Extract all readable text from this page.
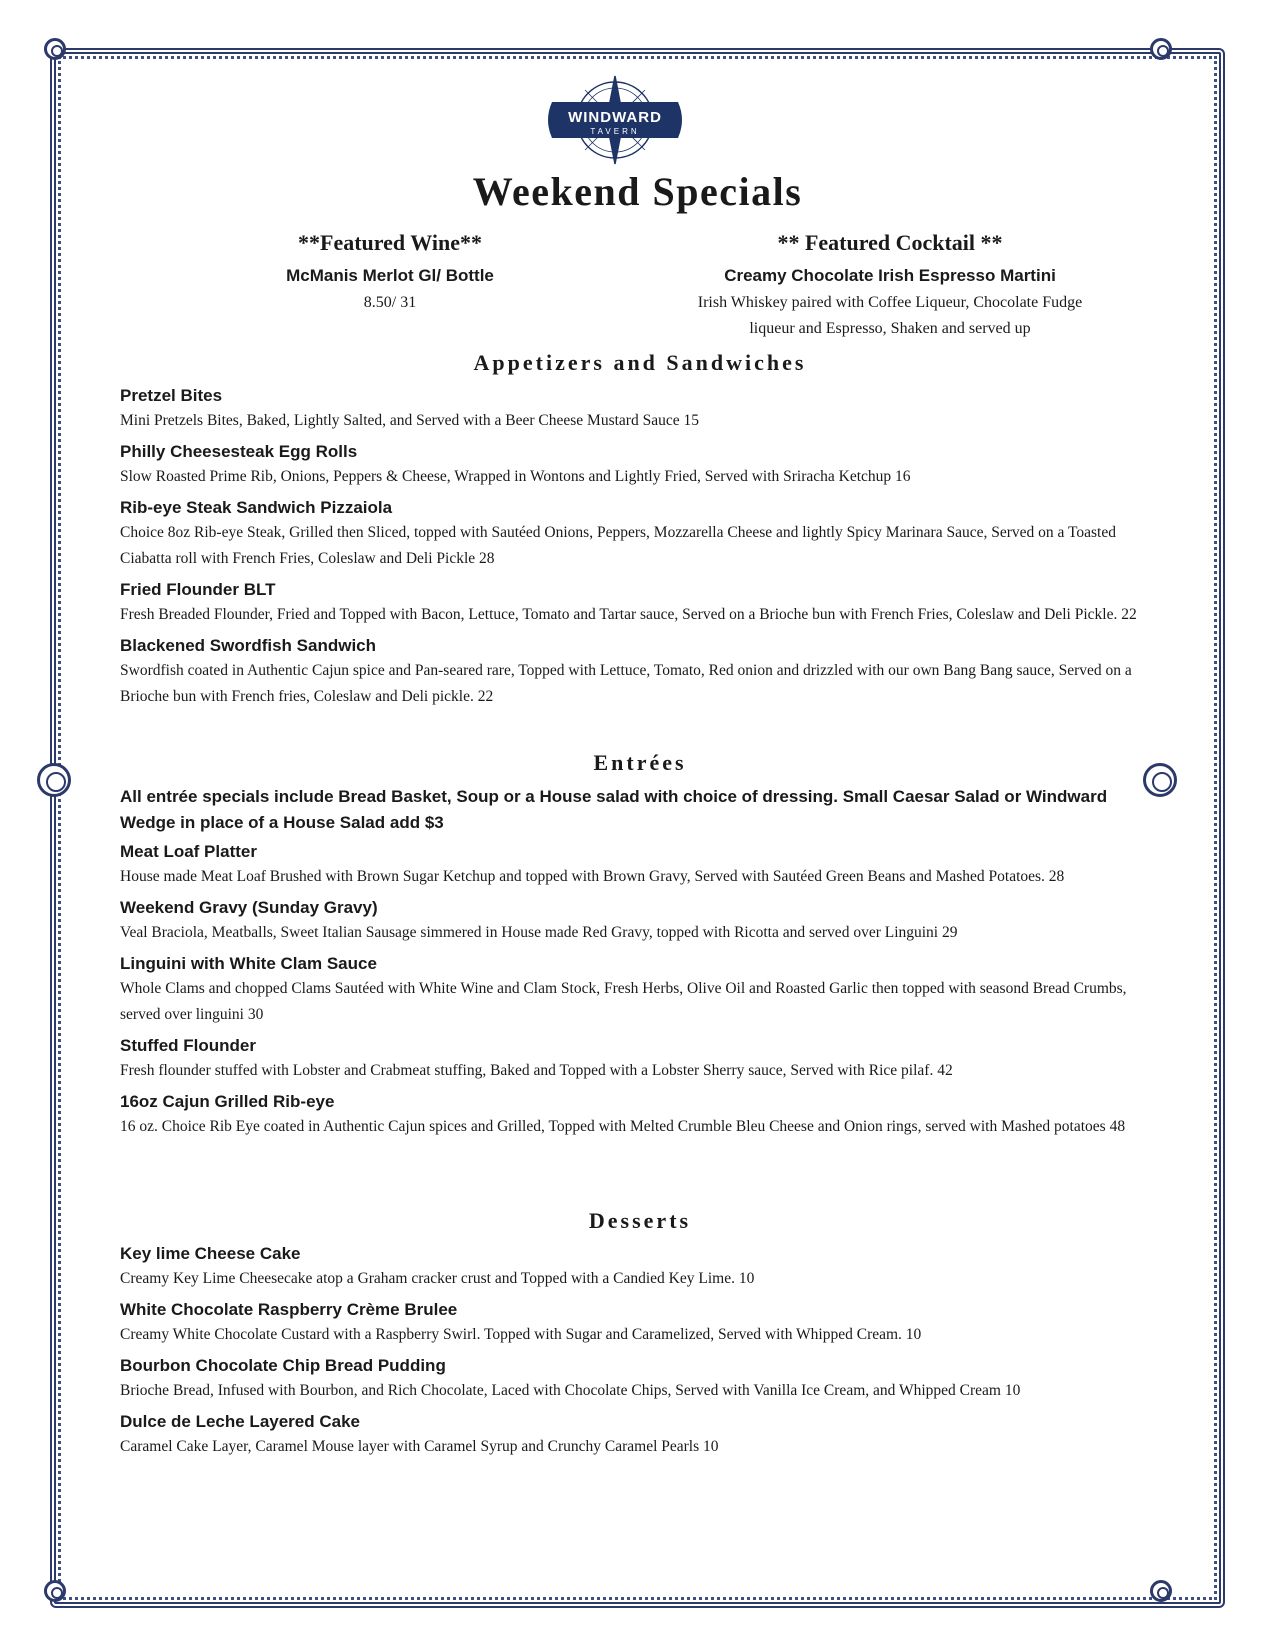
WINDWARD
TAVERN
Weekend Specials

**Featured Wine**

McManis Merlot Gl/ Bottle

8.50/ 31

** Featured Cocktail **

Creamy Chocolate Irish Espresso Martini

Irish Whiskey paired with Coffee Liqueur, Chocolate Fudge

liqueur and Espresso, Shaken and served up

Appetizers and Sandwiches

Pretzel Bites

Mini Pretzels Bites, Baked, Lightly Salted, and Served with a Beer Cheese Mustard Sauce 15

Philly Cheesesteak Egg Rolls

Slow Roasted Prime Rib, Onions, Peppers & Cheese, Wrapped in Wontons and Lightly Fried, Served with Sriracha Ketchup 16

Rib-eye Steak Sandwich Pizzaiola

Choice 8oz Rib-eye Steak, Grilled then Sliced, topped with Sautéed Onions, Peppers, Mozzarella Cheese and lightly Spicy Marinara Sauce, Served on a Toasted Ciabatta roll with French Fries, Coleslaw and Deli Pickle 28

Fried Flounder BLT

Fresh Breaded Flounder, Fried and Topped with Bacon, Lettuce, Tomato and Tartar sauce, Served on a Brioche bun with French Fries, Coleslaw and Deli Pickle. 22

Blackened Swordfish Sandwich

Swordfish coated in Authentic Cajun spice and Pan-seared rare, Topped with Lettuce, Tomato, Red onion and drizzled with our own Bang Bang sauce, Served on a Brioche bun with French fries, Coleslaw and Deli pickle. 22

Entrées

All entrée specials include Bread Basket, Soup or a House salad with choice of dressing. Small Caesar Salad or Windward Wedge in place of a House Salad add $3

Meat Loaf Platter

House made Meat Loaf Brushed with Brown Sugar Ketchup and topped with Brown Gravy, Served with Sautéed Green Beans and Mashed Potatoes. 28

Weekend Gravy (Sunday Gravy)

Veal Braciola, Meatballs, Sweet Italian Sausage simmered in House made Red Gravy, topped with Ricotta and served over Linguini 29

Linguini with White Clam Sauce

Whole Clams and chopped Clams Sautéed with White Wine and Clam Stock, Fresh Herbs, Olive Oil and Roasted Garlic then topped with seasond Bread Crumbs, served over linguini 30

Stuffed Flounder

Fresh flounder stuffed with Lobster and Crabmeat stuffing, Baked and Topped with a Lobster Sherry sauce, Served with Rice pilaf. 42

16oz Cajun Grilled Rib-eye

16 oz. Choice Rib Eye coated in Authentic Cajun spices and Grilled, Topped with Melted Crumble Bleu Cheese and Onion rings, served with Mashed potatoes 48

Desserts

Key lime Cheese Cake

Creamy Key Lime Cheesecake atop a Graham cracker crust and Topped with a Candied Key Lime. 10

White Chocolate Raspberry Crème Brulee

Creamy White Chocolate Custard with a Raspberry Swirl. Topped with Sugar and Caramelized, Served with Whipped Cream. 10

Bourbon Chocolate Chip Bread Pudding

Brioche Bread, Infused with Bourbon, and Rich Chocolate, Laced with Chocolate Chips, Served with Vanilla Ice Cream, and Whipped Cream 10

Dulce de Leche Layered Cake

Caramel Cake Layer, Caramel Mouse layer with Caramel Syrup and Crunchy Caramel Pearls 10
